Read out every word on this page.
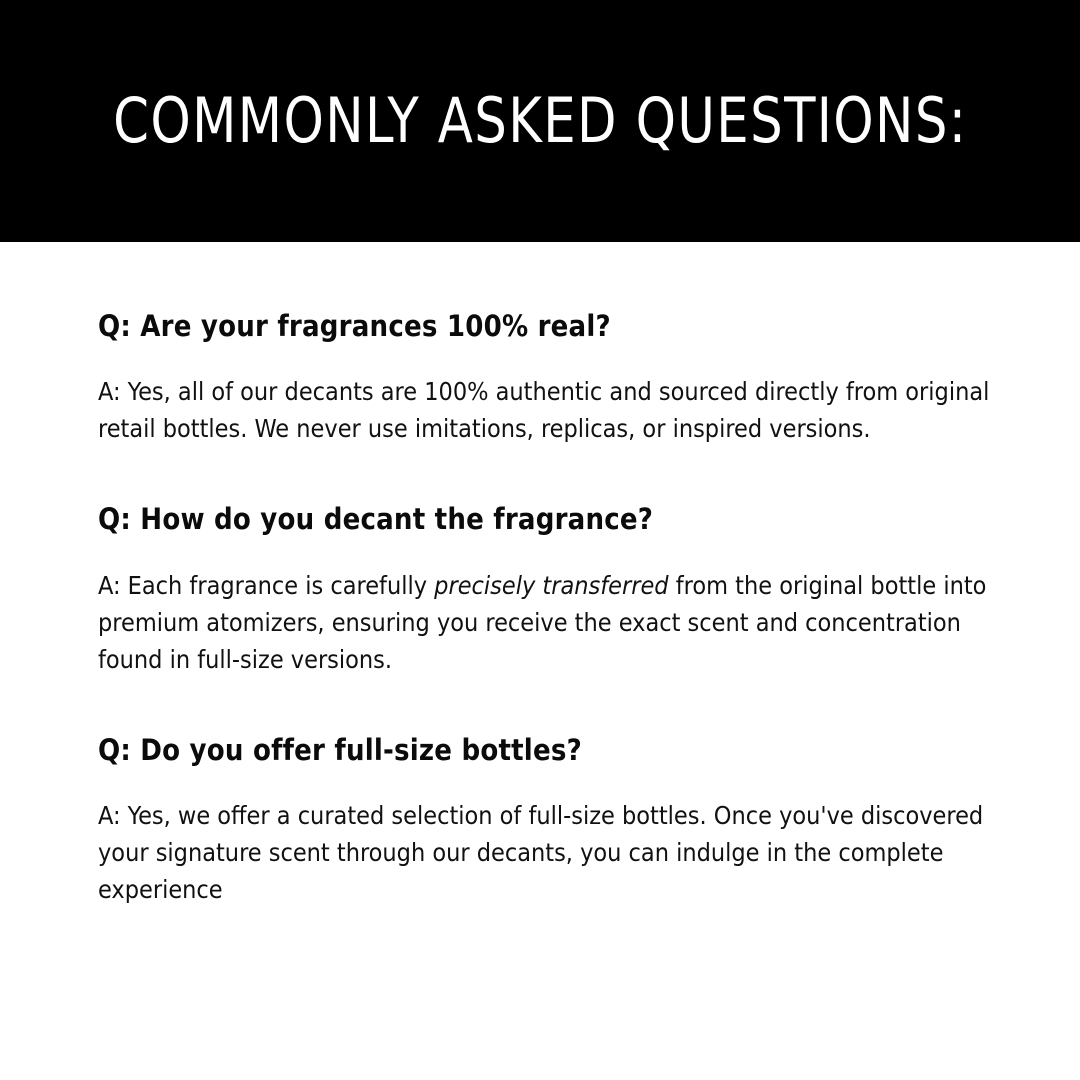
COMMONLY ASKED QUESTIONS:

Q: Are your fragrances 100% real?

A: Yes, all of our decants are 100% authentic and sourced directly from original retail bottles. We never use imitations, replicas, or inspired versions.

Q: How do you decant the fragrance?

A: Each fragrance is carefully precisely transferred from the original bottle into premium atomizers, ensuring you receive the exact scent and concentration found in full-size versions.

Q: Do you offer full-size bottles?

A: Yes, we offer a curated selection of full-size bottles. Once you've discovered your signature scent through our decants, you can indulge in the complete experience
